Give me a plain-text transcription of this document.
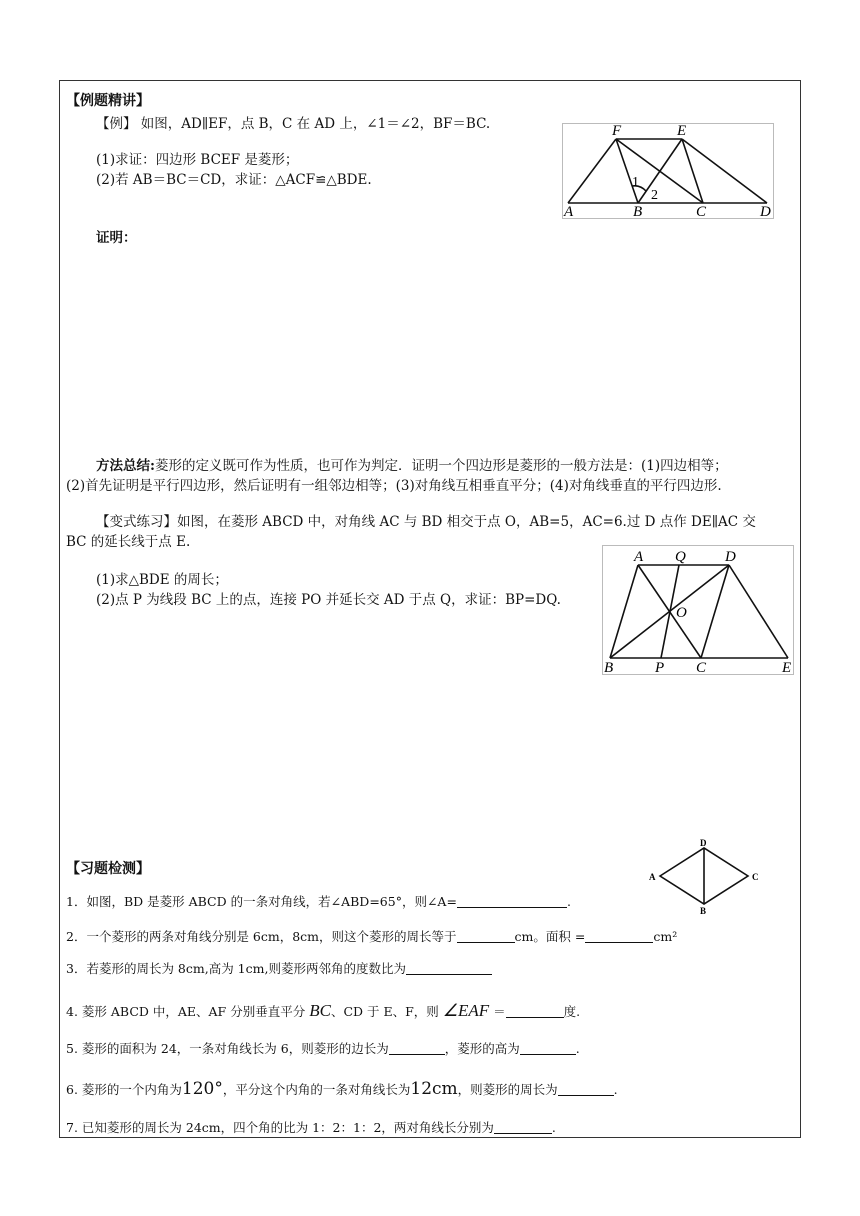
【例题精讲】
【例】 如图，AD∥EF，点 B，C 在 AD 上，∠1＝∠2，BF＝BC.
(1)求证：四边形 BCEF 是菱形；
(2)若 AB＝BC＝CD，求证：△ACF≌△BDE.
证明：
F	E
A	B	C	D
1
2
方法总结:菱形的定义既可作为性质，也可作为判定．证明一个四边形是菱形的一般方法是：(1)四边相等；
(2)首先证明是平行四边形，然后证明有一组邻边相等；(3)对角线互相垂直平分；(4)对角线垂直的平行四边形.
【变式练习】如图，在菱形 ABCD 中，对角线 AC 与 BD 相交于点 O，AB=5，AC=6.过 D 点作 DE∥AC 交
BC 的延长线于点 E.
(1)求△BDE 的周长；
(2)点 P 为线段 BC 上的点，连接 PO 并延长交 AD 于点 Q，求证：BP=DQ.
A Q	D
O
B	P C	E
【习题检测】	A
D
C
B
1．如图，BD 是菱形 ABCD 的一条对角线，若∠ABD=65°，则∠A=	.
2．一个菱形的两条对角线分别是 6cm，8cm，则这个菱形的周长等于	cm。面积 =	cm²
3．若菱形的周长为 8cm,高为 1cm,则菱形两邻角的度数比为
4. 菱形 ABCD 中，AE、AF 分别垂直平分 BC、CD 于 E、F，则 ∠EAF ＝	度.
5. 菱形的面积为 24，一条对角线长为 6，则菱形的边长为	，菱形的高为	.
6. 菱形的一个内角为120°，平分这个内角的一条对角线长为12cm，则菱形的周长为	.
7. 已知菱形的周长为 24cm，四个角的比为 1：2：1：2，两对角线长分别为	.
